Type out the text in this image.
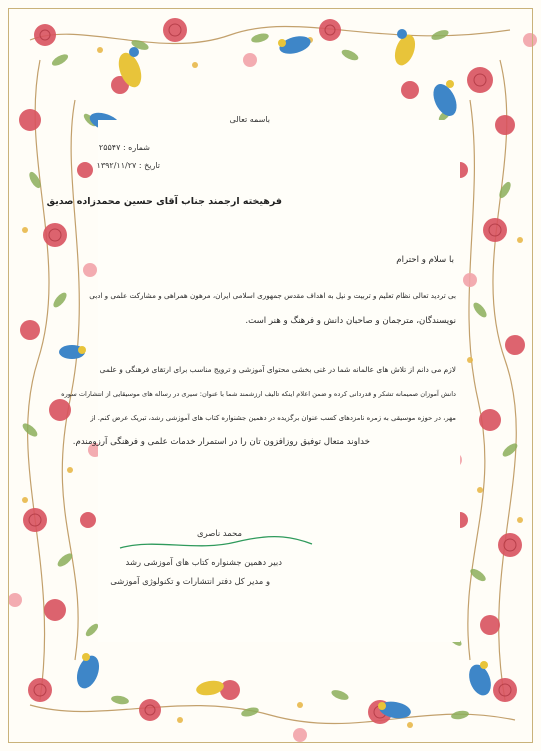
باسمه تعالی
شماره : ۲۵۵۴۷
تاریخ : ۱۳۹۲/۱۱/۲۷
فرهیخته ارجمند جناب آقای حسین محمدزاده صدیق
با سلام و احترام
بی تردید تعالی نظام تعلیم و تربیت و نیل به اهداف مقدس جمهوری اسلامی ایران، مرهون همراهی و مشارکت علمی و ادبی
نویسندگان، مترجمان و صاحبان دانش و فرهنگ و هنر است.
لازم می دانم از تلاش های عالمانه شما در غنی بخشی محتوای آموزشی و ترویج مناسب برای ارتقای فرهنگی و علمی
دانش آموزان صمیمانه تشکر و قدردانی کرده و ضمن اعلام اینکه تالیف ارزشمند شما با عنوان: سیری در رساله های موسیقایی از انتشارات سوره
مهر، در حوزه موسیقی به زمره نامزدهای کسب عنوان برگزیده در دهمین جشنواره کتاب های آموزشی رشد، تبریک عرض کنم. از
خداوند متعال توفیق روزافزون تان را در استمرار خدمات علمی و فرهنگی آرزومندم.
محمد ناصری
دبیر دهمین جشنواره کتاب های آموزشی رشد
و مدیر کل دفتر انتشارات و تکنولوژی آموزشی
